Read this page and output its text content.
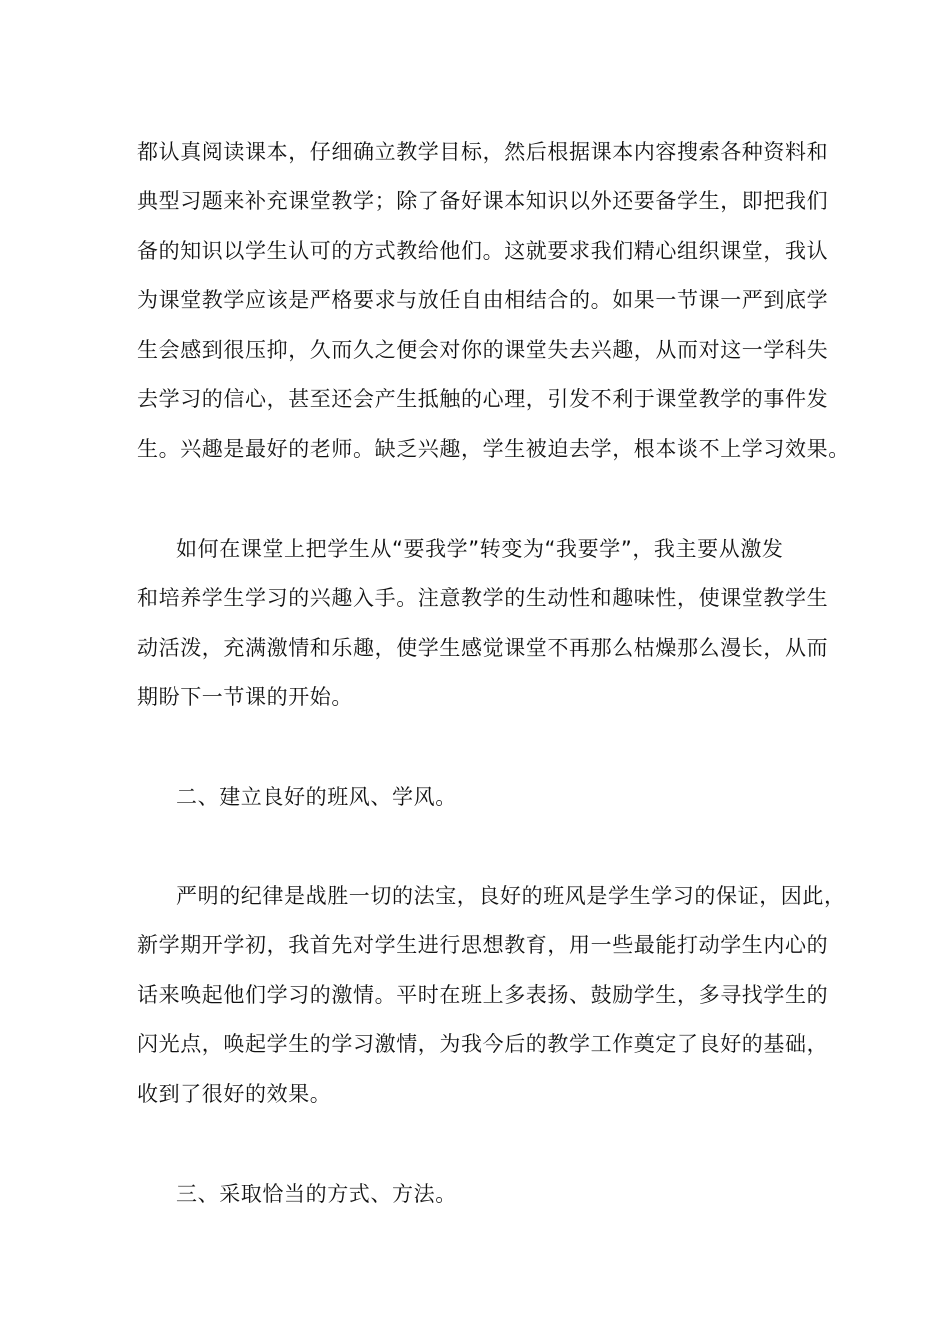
都认真阅读课本，仔细确立教学目标，然后根据课本内容搜索各种资料和
典型习题来补充课堂教学；除了备好课本知识以外还要备学生，即把我们
备的知识以学生认可的方式教给他们。这就要求我们精心组织课堂，我认
为课堂教学应该是严格要求与放任自由相结合的。如果一节课一严到底学
生会感到很压抑，久而久之便会对你的课堂失去兴趣，从而对这一学科失
去学习的信心，甚至还会产生抵触的心理，引发不利于课堂教学的事件发
生。兴趣是最好的老师。缺乏兴趣，学生被迫去学，根本谈不上学习效果。
如何在课堂上把学生从“要我学”转变为“我要学”，我主要从激发
和培养学生学习的兴趣入手。注意教学的生动性和趣味性，使课堂教学生
动活泼，充满激情和乐趣，使学生感觉课堂不再那么枯燥那么漫长，从而
期盼下一节课的开始。
二、建立良好的班风、学风。
严明的纪律是战胜一切的法宝，良好的班风是学生学习的保证，因此，
新学期开学初，我首先对学生进行思想教育，用一些最能打动学生内心的
话来唤起他们学习的激情。平时在班上多表扬、鼓励学生，多寻找学生的
闪光点，唤起学生的学习激情，为我今后的教学工作奠定了良好的基础，
收到了很好的效果。
三、采取恰当的方式、方法。
